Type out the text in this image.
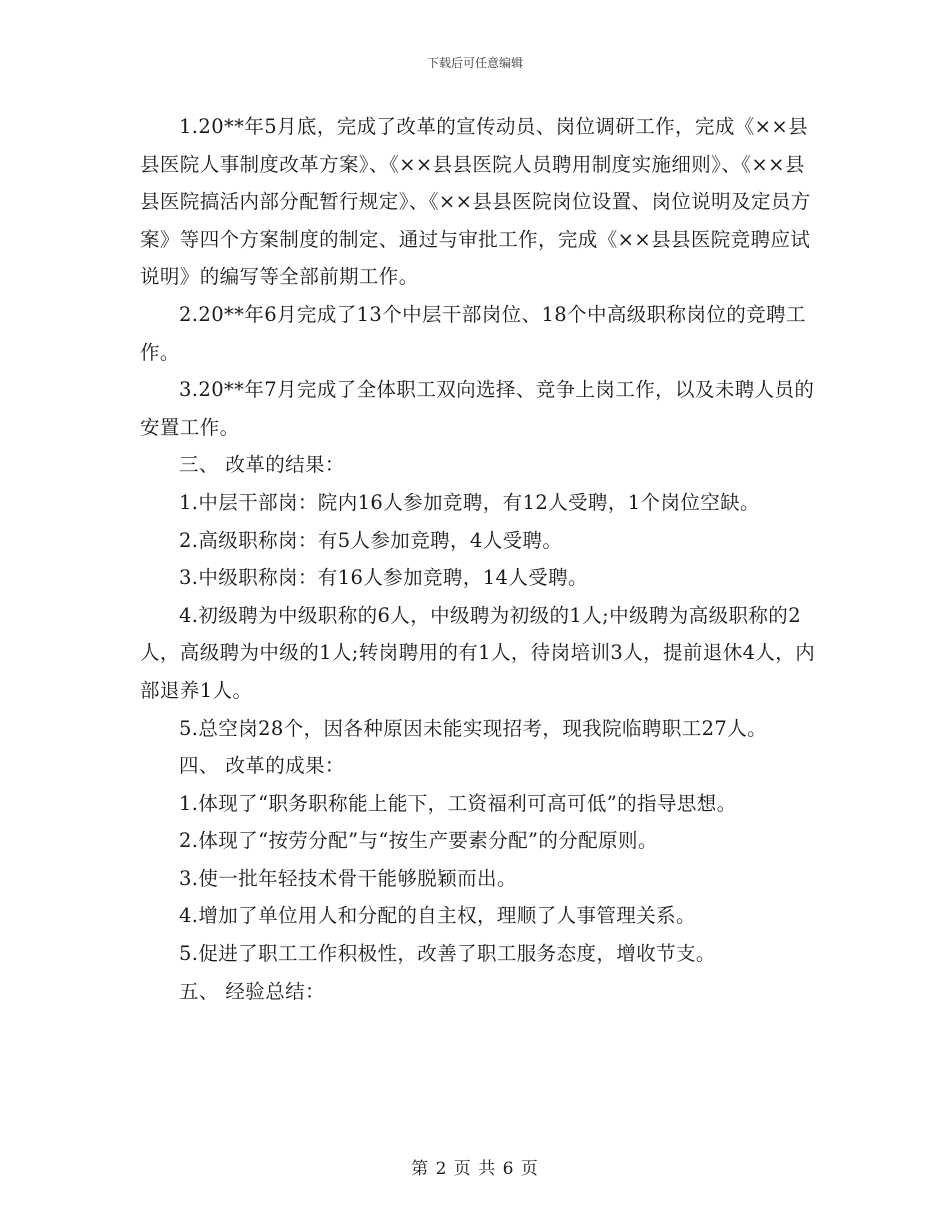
下载后可任意编辑

1.20**年5月底，完成了改革的宣传动员、岗位调研工作，完成《××县县医院人事制度改革方案》、《××县县医院人员聘用制度实施细则》、《××县县医院搞活内部分配暂行规定》、《××县县医院岗位设置、岗位说明及定员方案》等四个方案制度的制定、通过与审批工作，完成《××县县医院竞聘应试说明》的编写等全部前期工作。

2.20**年6月完成了13个中层干部岗位、18个中高级职称岗位的竞聘工作。

3.20**年7月完成了全体职工双向选择、竞争上岗工作，以及未聘人员的安置工作。

三、 改革的结果：

1.中层干部岗：院内16人参加竞聘，有12人受聘，1个岗位空缺。

2.高级职称岗：有5人参加竞聘，4人受聘。

3.中级职称岗：有16人参加竞聘，14人受聘。

4.初级聘为中级职称的6人，中级聘为初级的1人;中级聘为高级职称的2人，高级聘为中级的1人;转岗聘用的有1人，待岗培训3人，提前退休4人，内部退养1人。

5.总空岗28个，因各种原因未能实现招考，现我院临聘职工27人。

四、 改革的成果：

1.体现了“职务职称能上能下，工资福利可高可低”的指导思想。

2.体现了“按劳分配”与“按生产要素分配”的分配原则。

3.使一批年轻技术骨干能够脱颖而出。

4.增加了单位用人和分配的自主权，理顺了人事管理关系。

5.促进了职工工作积极性，改善了职工服务态度，增收节支。

五、 经验总结：

第 2 页 共 6 页
